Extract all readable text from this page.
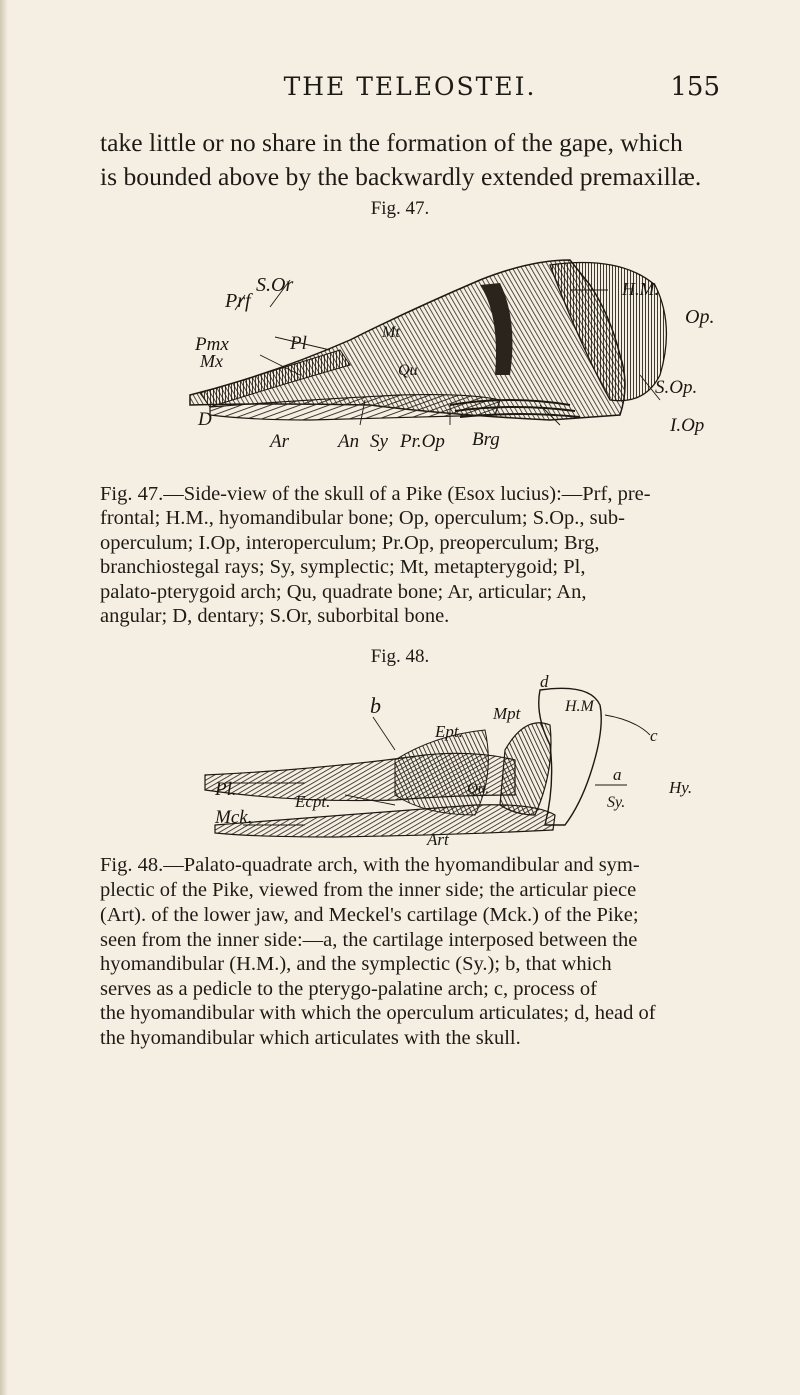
THE TELEOSTEI.	155
take little or no share in the formation of the gape, which
is bounded above by the backwardly extended premaxillæ.
Fig. 47.
S.Or
Prf
H.M.
Op.
Pmx
Mx
Pl
Mt
Qu
S.Op.
D	I.Op
Ar	An Sy Pr.Op Brg
Fig. 47.—Side-view of the skull of a Pike (Esox lucius):—Prf, pre-
frontal; H.M., hyomandibular bone; Op, operculum; S.Op., sub-
operculum; I.Op, interoperculum; Pr.Op, preoperculum; Brg,
branchiostegal rays; Sy, symplectic; Mt, metapterygoid; Pl,
palato-pterygoid arch; Qu, quadrate bone; Ar, articular; An,
angular; D, dentary; S.Or, suborbital bone.
Fig. 48.
d
H.M
c
b	Mpt
Ept.
a
Pl.
Ecpt.
Qu.	Hy.
Sy.
Mck.
Art
Fig. 48.—Palato-quadrate arch, with the hyomandibular and sym-
plectic of the Pike, viewed from the inner side; the articular piece
(Art). of the lower jaw, and Meckel's cartilage (Mck.) of the Pike;
seen from the inner side:—a, the cartilage interposed between the
hyomandibular (H.M.), and the symplectic (Sy.); b, that which
serves as a pedicle to the pterygo-palatine arch; c, process of
the hyomandibular with which the operculum articulates; d, head of
the hyomandibular which articulates with the skull.
